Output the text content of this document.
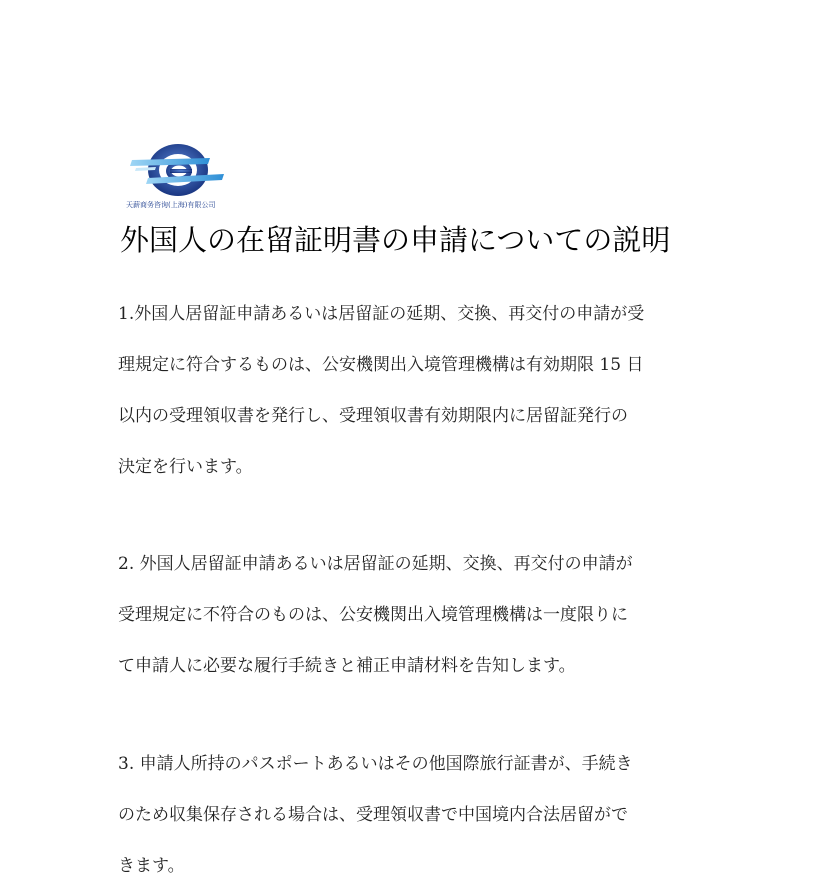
天薪商务咨询(上海)有限公司
外国人の在留証明書の申請についての説明

1.外国人居留証申請あるいは居留証の延期、交換、再交付の申請が受
理規定に符合するものは、公安機関出入境管理機構は有効期限 15 日
以内の受理領収書を発行し、受理領収書有効期限内に居留証発行の
決定を行います。

2. 外国人居留証申請あるいは居留証の延期、交換、再交付の申請が
受理規定に不符合のものは、公安機関出入境管理機構は一度限りに
て申請人に必要な履行手続きと補正申請材料を告知します。

3. 申請人所持のパスポートあるいはその他国際旅行証書が、手続き
のため収集保存される場合は、受理領収書で中国境内合法居留がで
きます。
